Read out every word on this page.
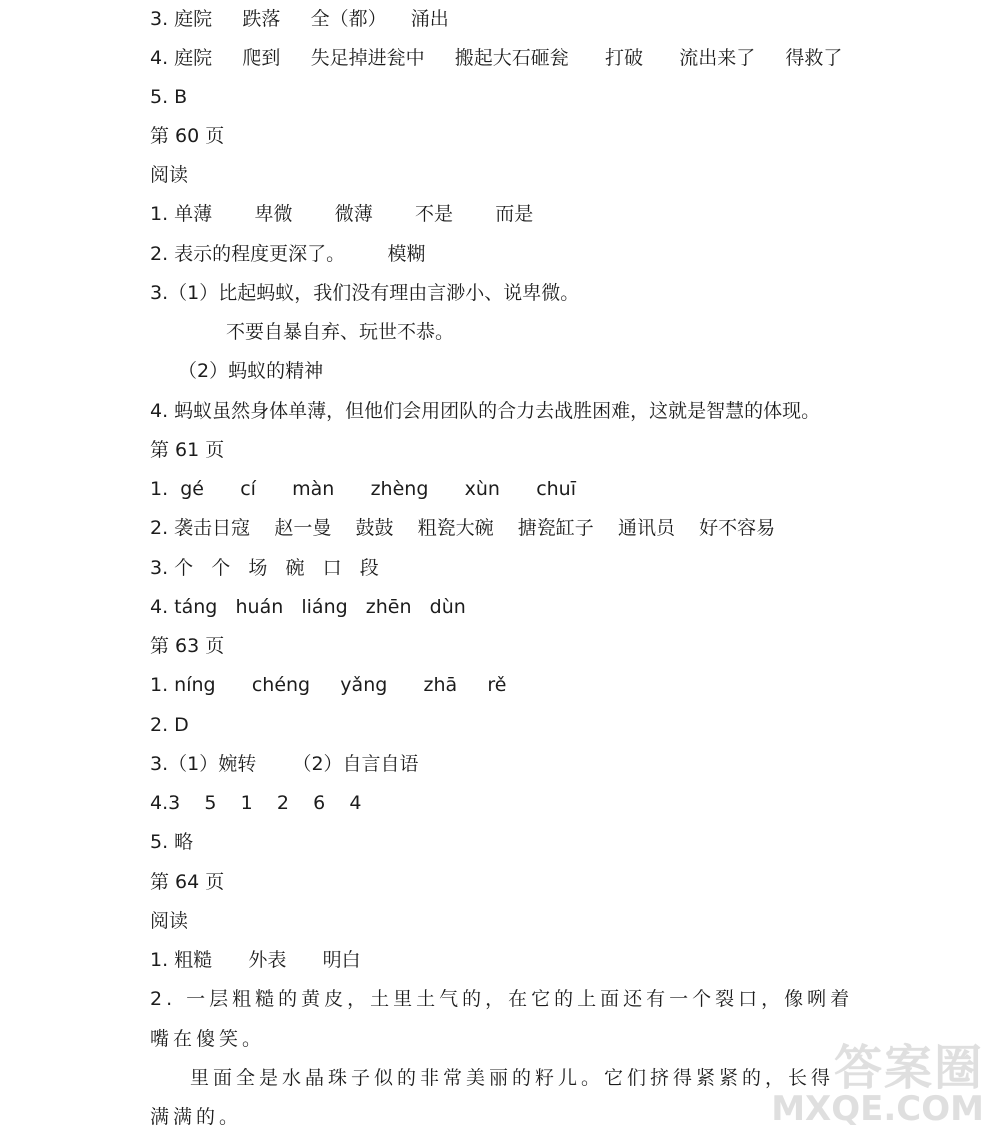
3. 庭院     跌落     全（都）    涌出
4. 庭院     爬到     失足掉进瓮中     搬起大石砸瓮      打破      流出来了     得救了
5. B
第 60 页
阅读
1. 单薄       卑微       微薄       不是       而是
2. 表示的程度更深了。       模糊
3.（1）比起蚂蚁，我们没有理由言渺小、说卑微。
不要自暴自弃、玩世不恭。
（2）蚂蚁的精神
4. 蚂蚁虽然身体单薄，但他们会用团队的合力去战胜困难，这就是智慧的体现。
第 61 页
1.  gé      cí      màn      zhèng      xùn      chuī
2. 袭击日寇    赵一曼    鼓鼓    粗瓷大碗    搪瓷缸子    通讯员    好不容易
3. 个   个   场   碗   口   段
4. táng   huán   liáng   zhēn   dùn
第 63 页
1. níng      chéng     yǎng      zhā     rě
2. D
3.（1）婉转      （2）自言自语
4.3    5    1    2    6    4
5. 略
第 64 页
阅读
1. 粗糙      外表      明白
2. 一层粗糙的黄皮，土里土气的，在它的上面还有一个裂口，像咧着
嘴在傻笑。
里面全是水晶珠子似的非常美丽的籽儿。它们挤得紧紧的，长得
满满的。
答案圈
MXQE.COM
